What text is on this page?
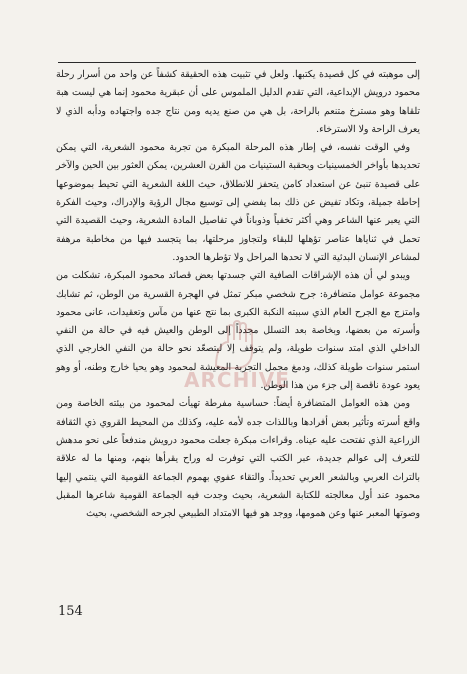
إلى موهبته في كل قصيدة يكتبها. ولعل في تثبيت هذه الحقيقة كشفاً عن واحد من أسرار رحلة محمود درويش الإبداعية، التي تقدم الدليل الملموس على أن عبقرية محمود إنما هي ليست هبة تلقاها وهو مسترخ متنعم بالراحة، بل هي من صنع يديه ومن نتاج جده واجتهاده ودأبه الذي لا يعرف الراحة ولا الاسترخاء.

وفي الوقت نفسه، في إطار هذه المرحلة المبكرة من تجربة محمود الشعرية، التي يمكن تحديدها بأواخر الخمسينيات وبحقبة الستينيات من القرن العشرين، يمكن العثور بين الحين والآخر على قصيدة تنبئ عن استعداد كامن يتحفز للانطلاق، حيث اللغة الشعرية التي تحيط بموضوعها إحاطة جميلة، وتكاد تفيض عن ذلك بما يفضي إلى توسيع مجال الرؤية والإدراك، وحيث الفكرة التي يعبر عنها الشاعر وهي أكثر تخفياً وذوباناً في تفاصيل المادة الشعرية، وحيث القصيدة التي تحمل في ثناياها عناصر تؤهلها للبقاء ولتجاوز مرحلتها، بما يتجسد فيها من مخاطبة مرهفة لمشاعر الإنسان البدئية التي لا تحدها المراحل ولا تؤطرها الحدود.

ويبدو لي أن هذه الإشراقات الصافية التي جسدتها بعض قصائد محمود المبكرة، تشكلت من مجموعة عوامل متضافرة: جرح شخصي مبكر تمثل في الهجرة القسرية من الوطن، ثم تشابك وامتزج مع الجرح العام الذي سببته النكبة الكبرى بما نتج عنها من مآس وتعقيدات، عانى محمود وأسرته من بعضها، وبخاصة بعد التسلل مجدداً إلى الوطن والعيش فيه في حالة من النفي الداخلي الذي امتد سنوات طويلة، ولم يتوقف إلا ليتصعّد نحو حالة من النفي الخارجي الذي استمر سنوات طويلة كذلك، ودمغ مجمل التجربة المعيشة لمحمود وهو يحيا خارج وطنه، أو وهو يعود عودة ناقصة إلى جزء من هذا الوطن.

ومن هذه العوامل المتضافرة أيضاً: حساسية مفرطة تهيأت لمحمود من بيئته الخاصة ومن واقع أسرته وتأثير بعض أفرادها وباللذات جده لأمه عليه، وكذلك من المحيط القروي ذي الثقافة الزراعية الذي تفتحت عليه عيناه. وقراءات مبكرة جعلت محمود درويش مندفعاً على نحو مدهش للتعرف إلى عوالم جديدة، عبر الكتب التي توفرت له وراح يقرأها بنهم، ومنها ما له علاقة بالتراث العربي وبالشعر العربي تحديداً. والتقاء عفوي بهموم الجماعة القومية التي ينتمي إليها محمود عند أول معالجته للكتابة الشعرية، بحيث وجدت فيه الجماعة القومية شاعرها المقبل وصوتها المعبر عنها وعن همومها، ووجد هو فيها الامتداد الطبيعي لجرحه الشخصي، بحيث

ARCHIVE
154
